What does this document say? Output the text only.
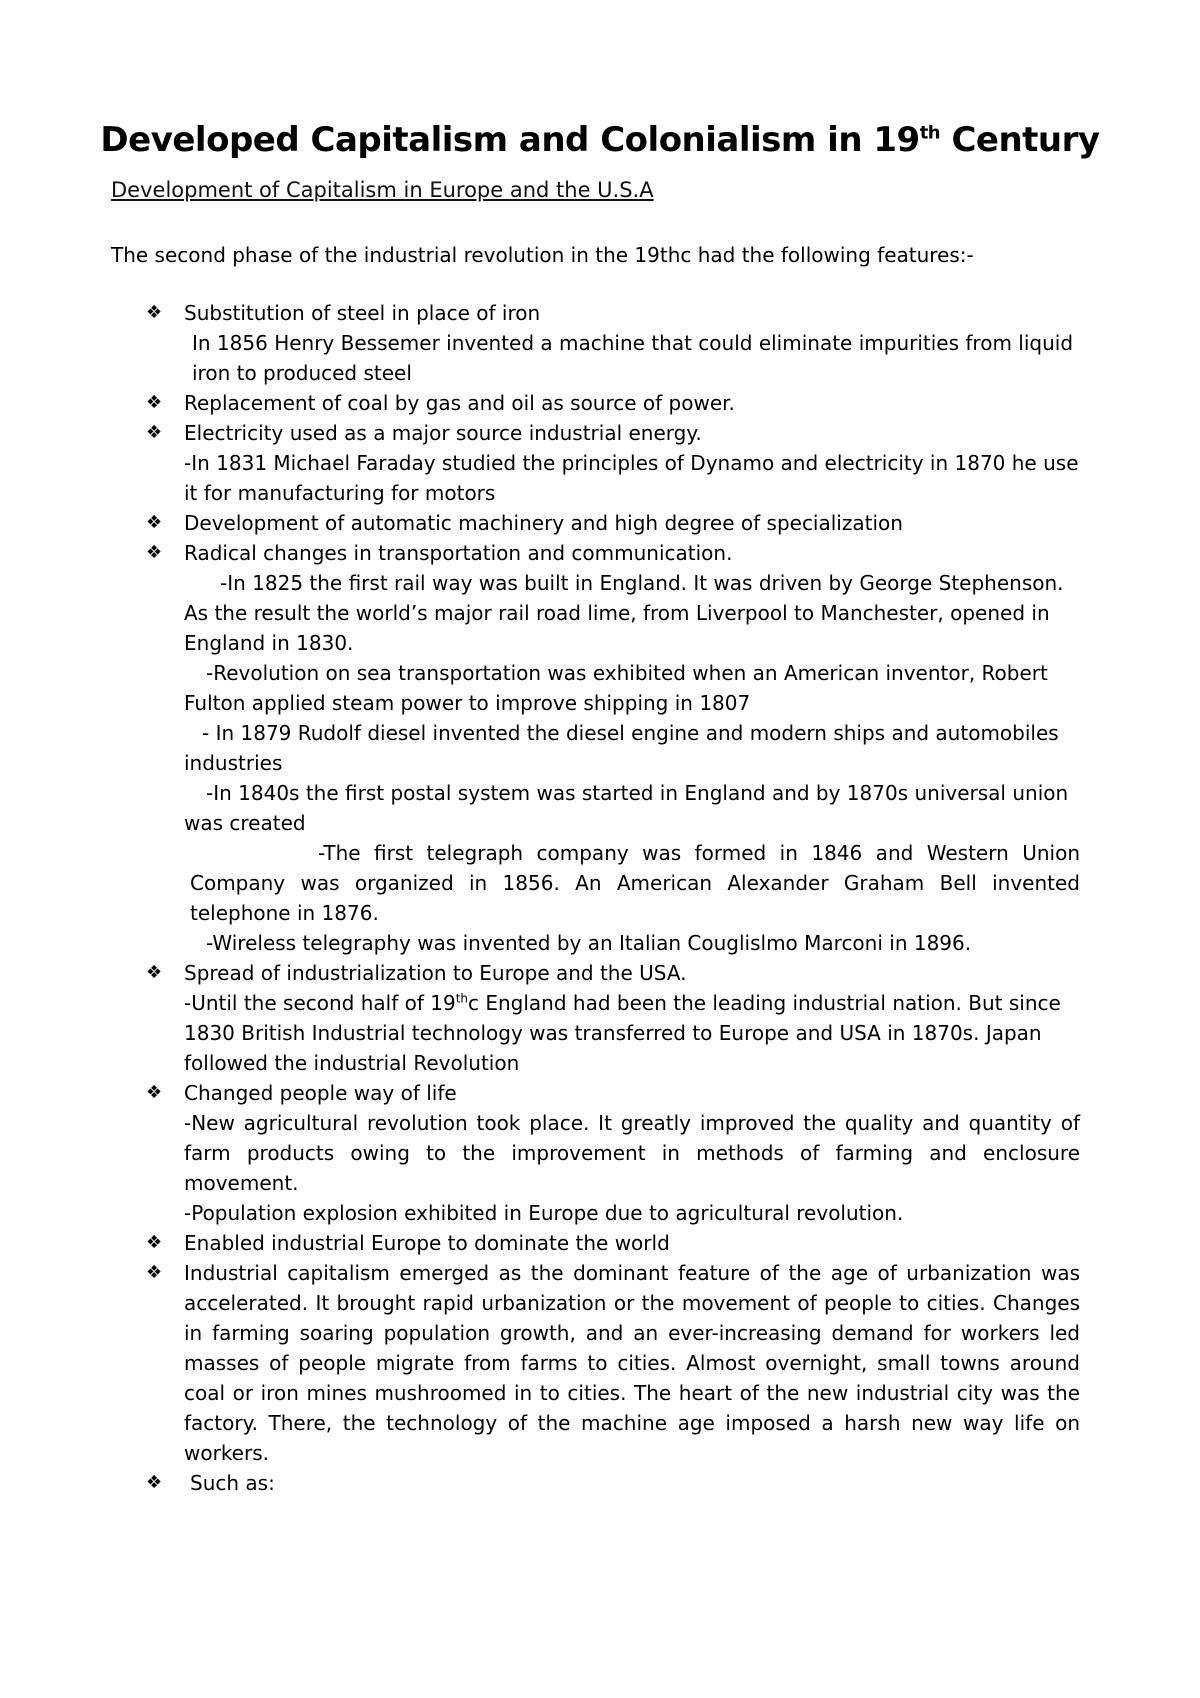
Developed Capitalism and Colonialism in 19th Century

Development of Capitalism in Europe and the U.S.A

The second phase of the industrial revolution in the 19thc had the following features:-

❖	Substitution of steel in place of iron

In 1856 Henry Bessemer invented a machine that could eliminate impurities from liquid iron to produced steel

❖	Replacement of coal by gas and oil as source of power.

❖	Electricity used as a major source industrial energy.

-In 1831 Michael Faraday studied the principles of Dynamo and electricity in 1870 he use it for manufacturing for motors

❖	Development of automatic machinery and high degree of specialization

❖	Radical changes in transportation and communication.

-In 1825 the first rail way was built in England. It was driven by George Stephenson. As the result the world’s major rail road lime, from Liverpool to Manchester, opened in England in 1830.

-Revolution on sea transportation was exhibited when an American inventor, Robert Fulton applied steam power to improve shipping in 1807

- In 1879 Rudolf diesel invented the diesel engine and modern ships and automobiles industries

-In 1840s the first postal system was started in England and by 1870s universal union was created

-The first telegraph company was formed in 1846 and Western Union Company was organized in 1856. An American Alexander Graham Bell invented telephone in 1876.

-Wireless telegraphy was invented by an Italian Couglislmo Marconi in 1896.

❖	Spread of industrialization to Europe and the USA.

-Until the second half of 19thc England had been the leading industrial nation. But since 1830 British Industrial technology was transferred to Europe and USA in 1870s. Japan followed the industrial Revolution

❖	Changed people way of life

-New agricultural revolution took place. It greatly improved the quality and quantity of farm products owing to the improvement in methods of farming and enclosure movement.

-Population explosion exhibited in Europe due to agricultural revolution.

❖	Enabled industrial Europe to dominate the world

❖	Industrial capitalism emerged as the dominant feature of the age of urbanization was accelerated. It brought rapid urbanization or the movement of people to cities. Changes in farming soaring population growth, and an ever-increasing demand for workers led masses of people migrate from farms to cities. Almost overnight, small towns around coal or iron mines mushroomed in to cities. The heart of the new industrial city was the factory. There, the technology of the machine age imposed a harsh new way life on workers.

❖	Such as:
